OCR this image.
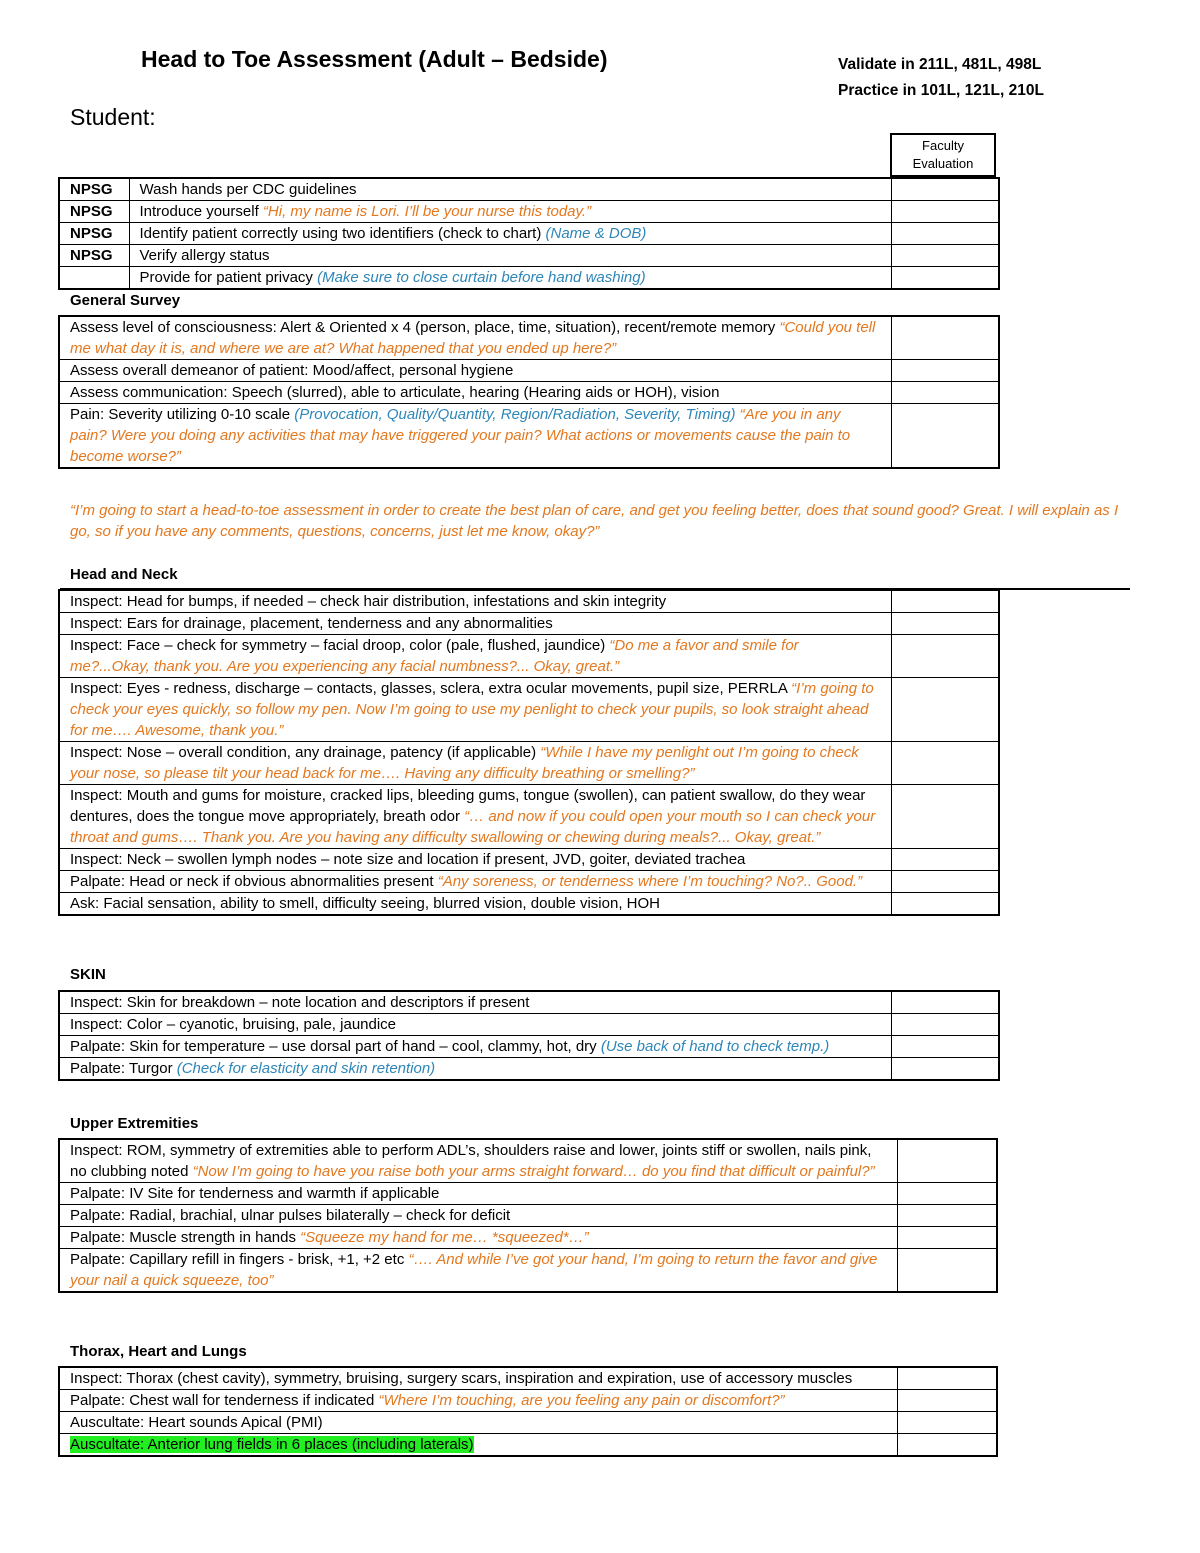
Head to Toe Assessment (Adult – Bedside)	Validate in 211L, 481L, 498L
Practice in 101L, 121L, 210L
Student:
Faculty Evaluation
NPSG	Wash hands per CDC guidelines	
NPSG	Introduce yourself “Hi, my name is Lori. I’ll be your nurse this today.”	
NPSG	Identify patient correctly using two identifiers (check to chart) (Name & DOB)	
NPSG	Verify allergy status	
	Provide for patient privacy (Make sure to close curtain before hand washing)	
General Survey
Assess level of consciousness: Alert & Oriented x 4 (person, place, time, situation), recent/remote memory “Could you tell me what day it is, and where we are at? What happened that you ended up here?”	
Assess overall demeanor of patient: Mood/affect, personal hygiene	
Assess communication: Speech (slurred), able to articulate, hearing (Hearing aids or HOH), vision	
Pain: Severity utilizing 0-10 scale (Provocation, Quality/Quantity, Region/Radiation, Severity, Timing) “Are you in any pain? Were you doing any activities that may have triggered your pain? What actions or movements cause the pain to become worse?”	
“I’m going to start a head-to-toe assessment in order to create the best plan of care, and get you feeling better, does that sound good? Great. I will explain as I go, so if you have any comments, questions, concerns, just let me know, okay?”
Head and Neck
Inspect: Head for bumps, if needed – check hair distribution, infestations and skin integrity	
Inspect: Ears for drainage, placement, tenderness and any abnormalities	
Inspect: Face – check for symmetry – facial droop, color (pale, flushed, jaundice) “Do me a favor and smile for me?...Okay, thank you. Are you experiencing any facial numbness?... Okay, great.”	
Inspect: Eyes - redness, discharge – contacts, glasses, sclera, extra ocular movements, pupil size, PERRLA “I’m going to check your eyes quickly, so follow my pen. Now I’m going to use my penlight to check your pupils, so look straight ahead for me…. Awesome, thank you.”	
Inspect: Nose – overall condition, any drainage, patency (if applicable) “While I have my penlight out I’m going to check your nose, so please tilt your head back for me…. Having any difficulty breathing or smelling?”	
Inspect: Mouth and gums for moisture, cracked lips, bleeding gums, tongue (swollen), can patient swallow, do they wear dentures, does the tongue move appropriately, breath odor “… and now if you could open your mouth so I can check your throat and gums…. Thank you. Are you having any difficulty swallowing or chewing during meals?... Okay, great.”	
Inspect: Neck – swollen lymph nodes – note size and location if present, JVD, goiter, deviated trachea	
Palpate: Head or neck if obvious abnormalities present “Any soreness, or tenderness where I’m touching? No?.. Good.”	
Ask: Facial sensation, ability to smell, difficulty seeing, blurred vision, double vision, HOH	
SKIN
Inspect: Skin for breakdown – note location and descriptors if present	
Inspect: Color – cyanotic, bruising, pale, jaundice	
Palpate: Skin for temperature – use dorsal part of hand – cool, clammy, hot, dry (Use back of hand to check temp.)	
Palpate: Turgor (Check for elasticity and skin retention)	
Upper Extremities
Inspect: ROM, symmetry of extremities able to perform ADL’s, shoulders raise and lower, joints stiff or swollen, nails pink, no clubbing noted “Now I’m going to have you raise both your arms straight forward… do you find that difficult or painful?”	
Palpate: IV Site for tenderness and warmth if applicable	
Palpate: Radial, brachial, ulnar pulses bilaterally – check for deficit	
Palpate: Muscle strength in hands “Squeeze my hand for me… *squeezed*…”	
Palpate: Capillary refill in fingers - brisk, +1, +2 etc “…. And while I’ve got your hand, I’m going to return the favor and give your nail a quick squeeze, too”	
Thorax, Heart and Lungs
Inspect: Thorax (chest cavity), symmetry, bruising, surgery scars, inspiration and expiration, use of accessory muscles	
Palpate: Chest wall for tenderness if indicated “Where I’m touching, are you feeling any pain or discomfort?”	
Auscultate: Heart sounds Apical (PMI)	
Auscultate: Anterior lung fields in 6 places (including laterals)	
